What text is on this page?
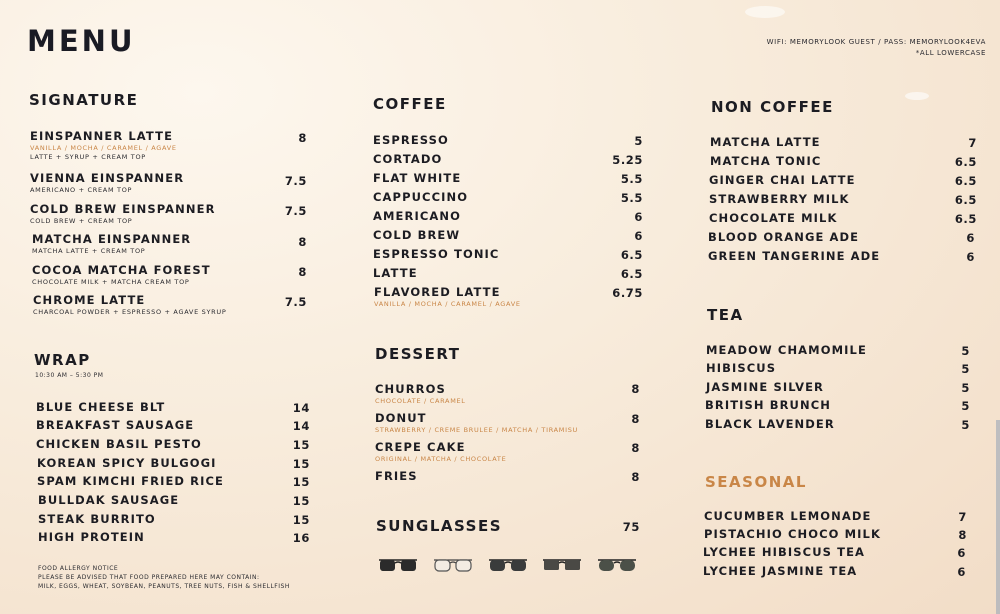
MENU	WIFI: MEMORYLOOK GUEST / PASS: MEMORYLOOK4EVA
*ALL LOWERCASE
SIGNATURE
EINSPANNER LATTE
VANILLA / MOCHA / CARAMEL / AGAVE
LATTE + SYRUP + CREAM TOP
8
VIENNA EINSPANNER
AMERICANO + CREAM TOP
7.5
COLD BREW EINSPANNER
COLD BREW + CREAM TOP
7.5
MATCHA EINSPANNER
MATCHA LATTE + CREAM TOP
8
COCOA MATCHA FOREST
CHOCOLATE MILK + MATCHA CREAM TOP
8
CHROME LATTE
CHARCOAL POWDER + ESPRESSO + AGAVE SYRUP
7.5
WRAP
10:30 AM – 5:30 PM
BLUE CHEESE BLT	14
BREAKFAST SAUSAGE	14
CHICKEN BASIL PESTO	15
KOREAN SPICY BULGOGI	15
SPAM KIMCHI FRIED RICE	15
BULLDAK SAUSAGE	15
STEAK BURRITO	15
HIGH PROTEIN	16
FOOD ALLERGY NOTICE
PLEASE BE ADVISED THAT FOOD PREPARED HERE MAY CONTAIN:
MILK, EGGS, WHEAT, SOYBEAN, PEANUTS, TREE NUTS, FISH & SHELLFISH
COFFEE
ESPRESSO	5
CORTADO	5.25
FLAT WHITE	5.5
CAPPUCCINO	5.5
AMERICANO	6
COLD BREW	6
ESPRESSO TONIC	6.5
LATTE	6.5
FLAVORED LATTE
VANILLA / MOCHA / CARAMEL / AGAVE
6.75
DESSERT
CHURROS
CHOCOLATE / CARAMEL
8
DONUT
STRAWBERRY / CREME BRULEE / MATCHA / TIRAMISU
8
CREPE CAKE
ORIGINAL / MATCHA / CHOCOLATE
8
FRIES	8
SUNGLASSES	75
NON COFFEE
MATCHA LATTE	7
MATCHA TONIC	6.5
GINGER CHAI LATTE	6.5
STRAWBERRY MILK	6.5
CHOCOLATE MILK	6.5
BLOOD ORANGE ADE	6
GREEN TANGERINE ADE	6
TEA
MEADOW CHAMOMILE	5
HIBISCUS	5
JASMINE SILVER	5
BRITISH BRUNCH	5
BLACK LAVENDER	5
SEASONAL
CUCUMBER LEMONADE	7
PISTACHIO CHOCO MILK	8
LYCHEE HIBISCUS TEA	6
LYCHEE JASMINE TEA	6
